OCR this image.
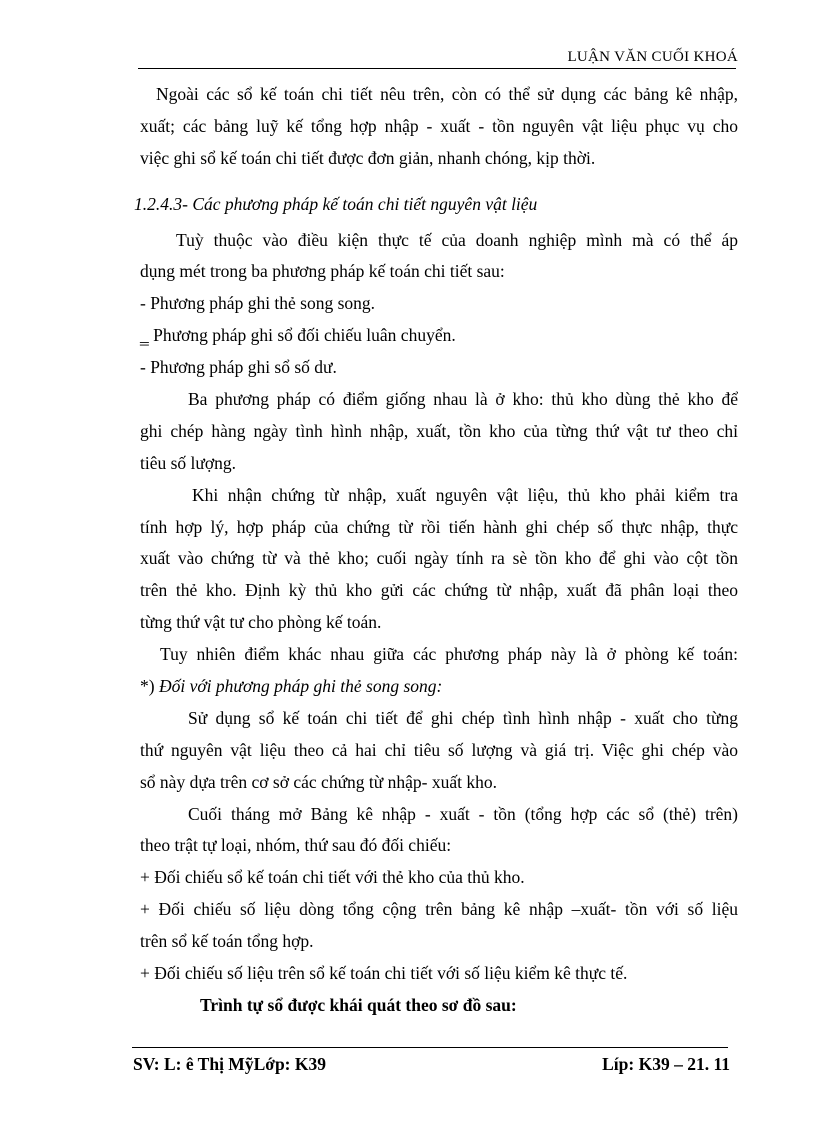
LUẬN VĂN CUỐI KHOÁ
Ngoài các sổ kế toán chi tiết nêu trên, còn có thể sử dụng các bảng kê nhập,
xuất; các bảng luỹ kế tổng hợp nhập - xuất - tồn nguyên vật liệu phục vụ cho
việc ghi sổ kế toán chi tiết được đơn giản, nhanh chóng, kịp thời.
1.2.4.3- Các phương pháp kế toán chi tiết nguyên vật liệu
Tuỳ thuộc vào điều kiện thực tế của doanh nghiệp mình mà có thể áp
dụng mét trong ba phương pháp kế toán chi tiết sau:
- Phương pháp ghi thẻ song song.
‗ Phương pháp ghi sổ đối chiếu luân chuyển.
- Phương pháp ghi sổ số dư.
Ba phương pháp có điểm giống nhau là ở kho: thủ kho dùng thẻ kho để
ghi chép hàng ngày tình hình nhập, xuất, tồn kho của từng thứ vật tư theo chỉ
tiêu số lượng.
Khi nhận chứng từ nhập, xuất nguyên vật liệu, thủ kho phải kiểm tra
tính hợp lý, hợp pháp của chứng từ rồi tiến hành ghi chép số thực nhập, thực
xuất vào chứng từ và thẻ kho; cuối ngày tính ra sè tồn kho để ghi vào cột tồn
trên thẻ kho. Định kỳ thủ kho gửi các chứng từ nhập, xuất đã phân loại theo
từng thứ vật tư cho phòng kế toán.
Tuy nhiên điểm khác nhau giữa các phương pháp này là ở phòng kế toán:
*) Đối với phương pháp ghi thẻ song song:
Sử dụng sổ kế toán chi tiết để ghi chép tình hình nhập - xuất cho từng
thứ nguyên vật liệu theo cả hai chỉ tiêu số lượng và giá trị. Việc ghi chép vào
sổ này dựa trên cơ sở các chứng từ nhập- xuất kho.
Cuối tháng mở Bảng kê nhập - xuất - tồn (tổng hợp các sổ (thẻ) trên)
theo trật tự loại, nhóm, thứ sau đó đối chiếu:
+ Đối chiếu sổ kế toán chi tiết với thẻ kho của thủ kho.
+ Đối chiếu số liệu dòng tổng cộng trên bảng kê nhập –xuất- tồn với số liệu
trên sổ kế toán tổng hợp.
+ Đối chiếu số liệu trên sổ kế toán chi tiết với số liệu kiểm kê thực tế.
Trình tự sổ được khái quát theo sơ đồ sau:
SV: L: ê Thị MỹLớp: K39	Líp: K39 – 21. 11
